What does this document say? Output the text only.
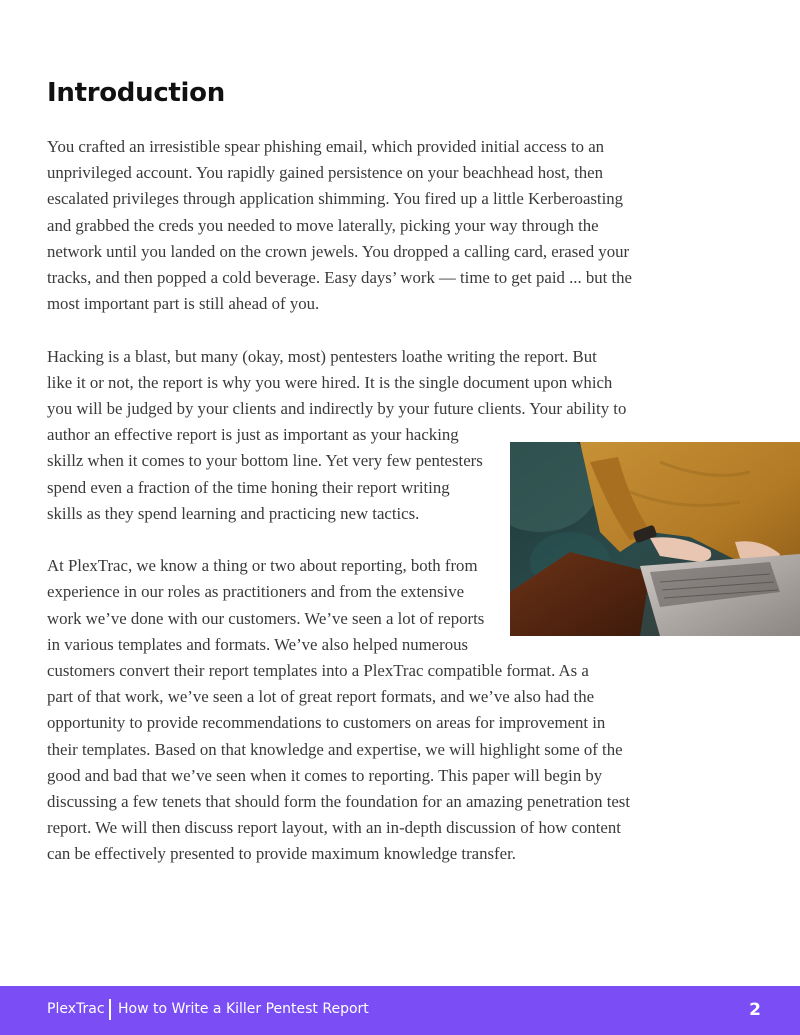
Introduction

You crafted an irresistible spear phishing email, which provided initial access to an
unprivileged account. You rapidly gained persistence on your beachhead host, then
escalated privileges through application shimming. You fired up a little Kerberoasting
and grabbed the creds you needed to move laterally, picking your way through the
network until you landed on the crown jewels. You dropped a calling card, erased your
tracks, and then popped a cold beverage. Easy days’ work — time to get paid ... but the
most important part is still ahead of you.

Hacking is a blast, but many (okay, most) pentesters loathe writing the report. But
like it or not, the report is why you were hired. It is the single document upon which
you will be judged by your clients and indirectly by your future clients. Your ability to
author an effective report is just as important as your hacking
skillz when it comes to your bottom line. Yet very few pentesters
spend even a fraction of the time honing their report writing
skills as they spend learning and practicing new tactics.

At PlexTrac, we know a thing or two about reporting, both from
experience in our roles as practitioners and from the extensive
work we’ve done with our customers. We’ve seen a lot of reports
in various templates and formats. We’ve also helped numerous
customers convert their report templates into a PlexTrac compatible format. As a
part of that work, we’ve seen a lot of great report formats, and we’ve also had the
opportunity to provide recommendations to customers on areas for improvement in
their templates. Based on that knowledge and expertise, we will highlight some of the
good and bad that we’ve seen when it comes to reporting. This paper will begin by
discussing a few tenets that should form the foundation for an amazing penetration test
report. We will then discuss report layout, with an in-depth discussion of how content
can be effectively presented to provide maximum knowledge transfer.

PlexTrac How to Write a Killer Pentest Report	2
